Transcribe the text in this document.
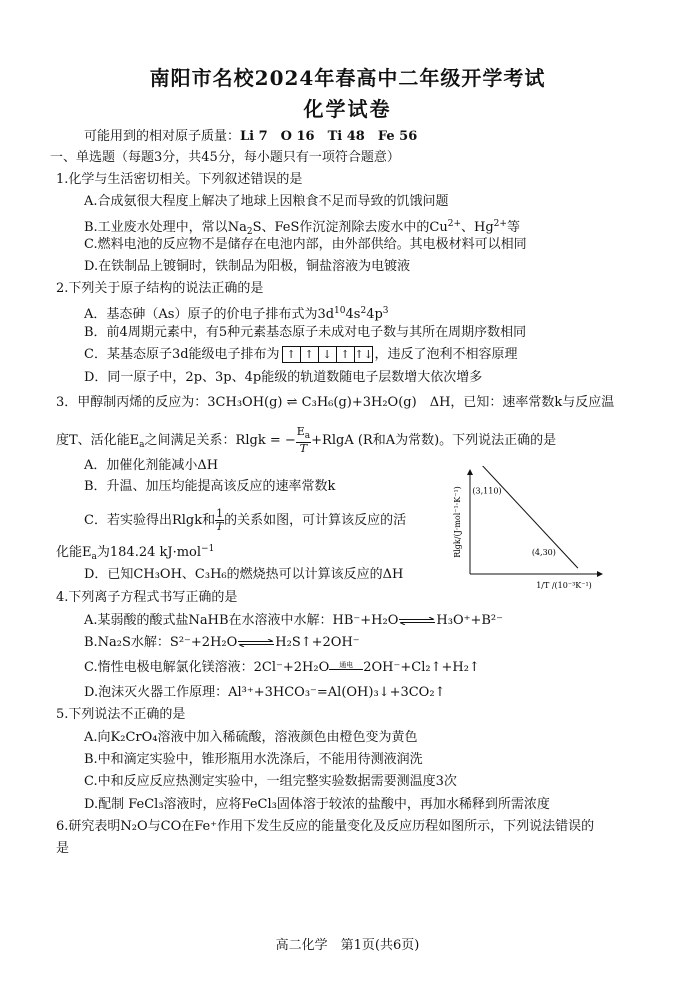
南阳市名校2024年春高中二年级开学考试
化学试卷
可能用到的相对原子质量：Li 7　O 16　Ti 48　Fe 56
一、单选题（每题3分，共45分，每小题只有一项符合题意）
1.化学与生活密切相关。下列叙述错误的是
A.合成氨很大程度上解决了地球上因粮食不足而导致的饥饿问题
B.工业废水处理中，常以$Na_2S$、FeS作沉淀剂除去废水中的$Cu^{2+}$、$Hg^{2+}$等
C.燃料电池的反应物不是储存在电池内部，由外部供给。其电极材料可以相同
D.在铁制品上镀铜时，铁制品为阳极，铜盐溶液为电镀液
2.下列关于原子结构的说法正确的是
A．基态砷（As）原子的价电子排布式为$3d^{10}4s^24p^3$
B．前4周期元素中，有5种元素基态原子未成对电子数与其所在周期序数相同
C．某基态原子3d能级电子排布为 ↑ ↑ ↓ ↑ ↑↓ ，违反了泡利不相容原理
D．同一原子中，2p、3p、4p能级的轨道数随电子层数增大依次增多
3．甲醇制丙烯的反应为：3CH₃OH(g) ⇌ C₃H₆(g)+3H₂O(g)　 ΔH，已知：速率常数k与反应温
度T、活化能$E_a$之间满足关系：Rlgk = − $\frac{E_a}{T} +RlgA$ (R和A为常数)。下列说法正确的是
A．加催化剂能减小ΔH
B．升温、加压均能提高该反应的速率常数k
C．若实验得出Rlgk和 $\frac{1}{T}$ 的关系如图，可计算该反应的活
化能$E_a$为184.24 kJ·mol$^{-1}$
D．已知CH₃OH、C₃H₆的燃烧热可以计算该反应的ΔH
Rlgk/(J·mol⁻¹·K⁻¹)
1/T /(10⁻³K⁻¹)
(3,110)
(4,30)
4.下列离子方程式书写正确的是
A.某弱酸的酸式盐NaHB在水溶液中水解：HB⁻+H₂O⇌H₃O⁺+B²⁻
B.Na₂S水解：S²⁻+2H₂O⇌H₂S↑+2OH⁻
C.惰性电极电解氯化镁溶液：2Cl⁻+2H₂O	通电 2OH⁻+Cl₂↑+H₂↑
D.泡沫灭火器工作原理：Al³⁺+3HCO₃⁻=Al(OH)₃↓+3CO₂↑
5.下列说法不正确的是
A.向K₂CrO₄溶液中加入稀硫酸，溶液颜色由橙色变为黄色
B.中和滴定实验中，锥形瓶用水洗涤后，不能用待测液润洗
C.中和反应反应热测定实验中，一组完整实验数据需要测温度3次
D.配制 FeCl₃溶液时，应将FeCl₃固体溶于较浓的盐酸中，再加水稀释到所需浓度
6.研究表明N₂O与CO在Fe⁺作用下发生反应的能量变化及反应历程如图所示，下列说法错误的
是
高二化学　第1页(共6页)
